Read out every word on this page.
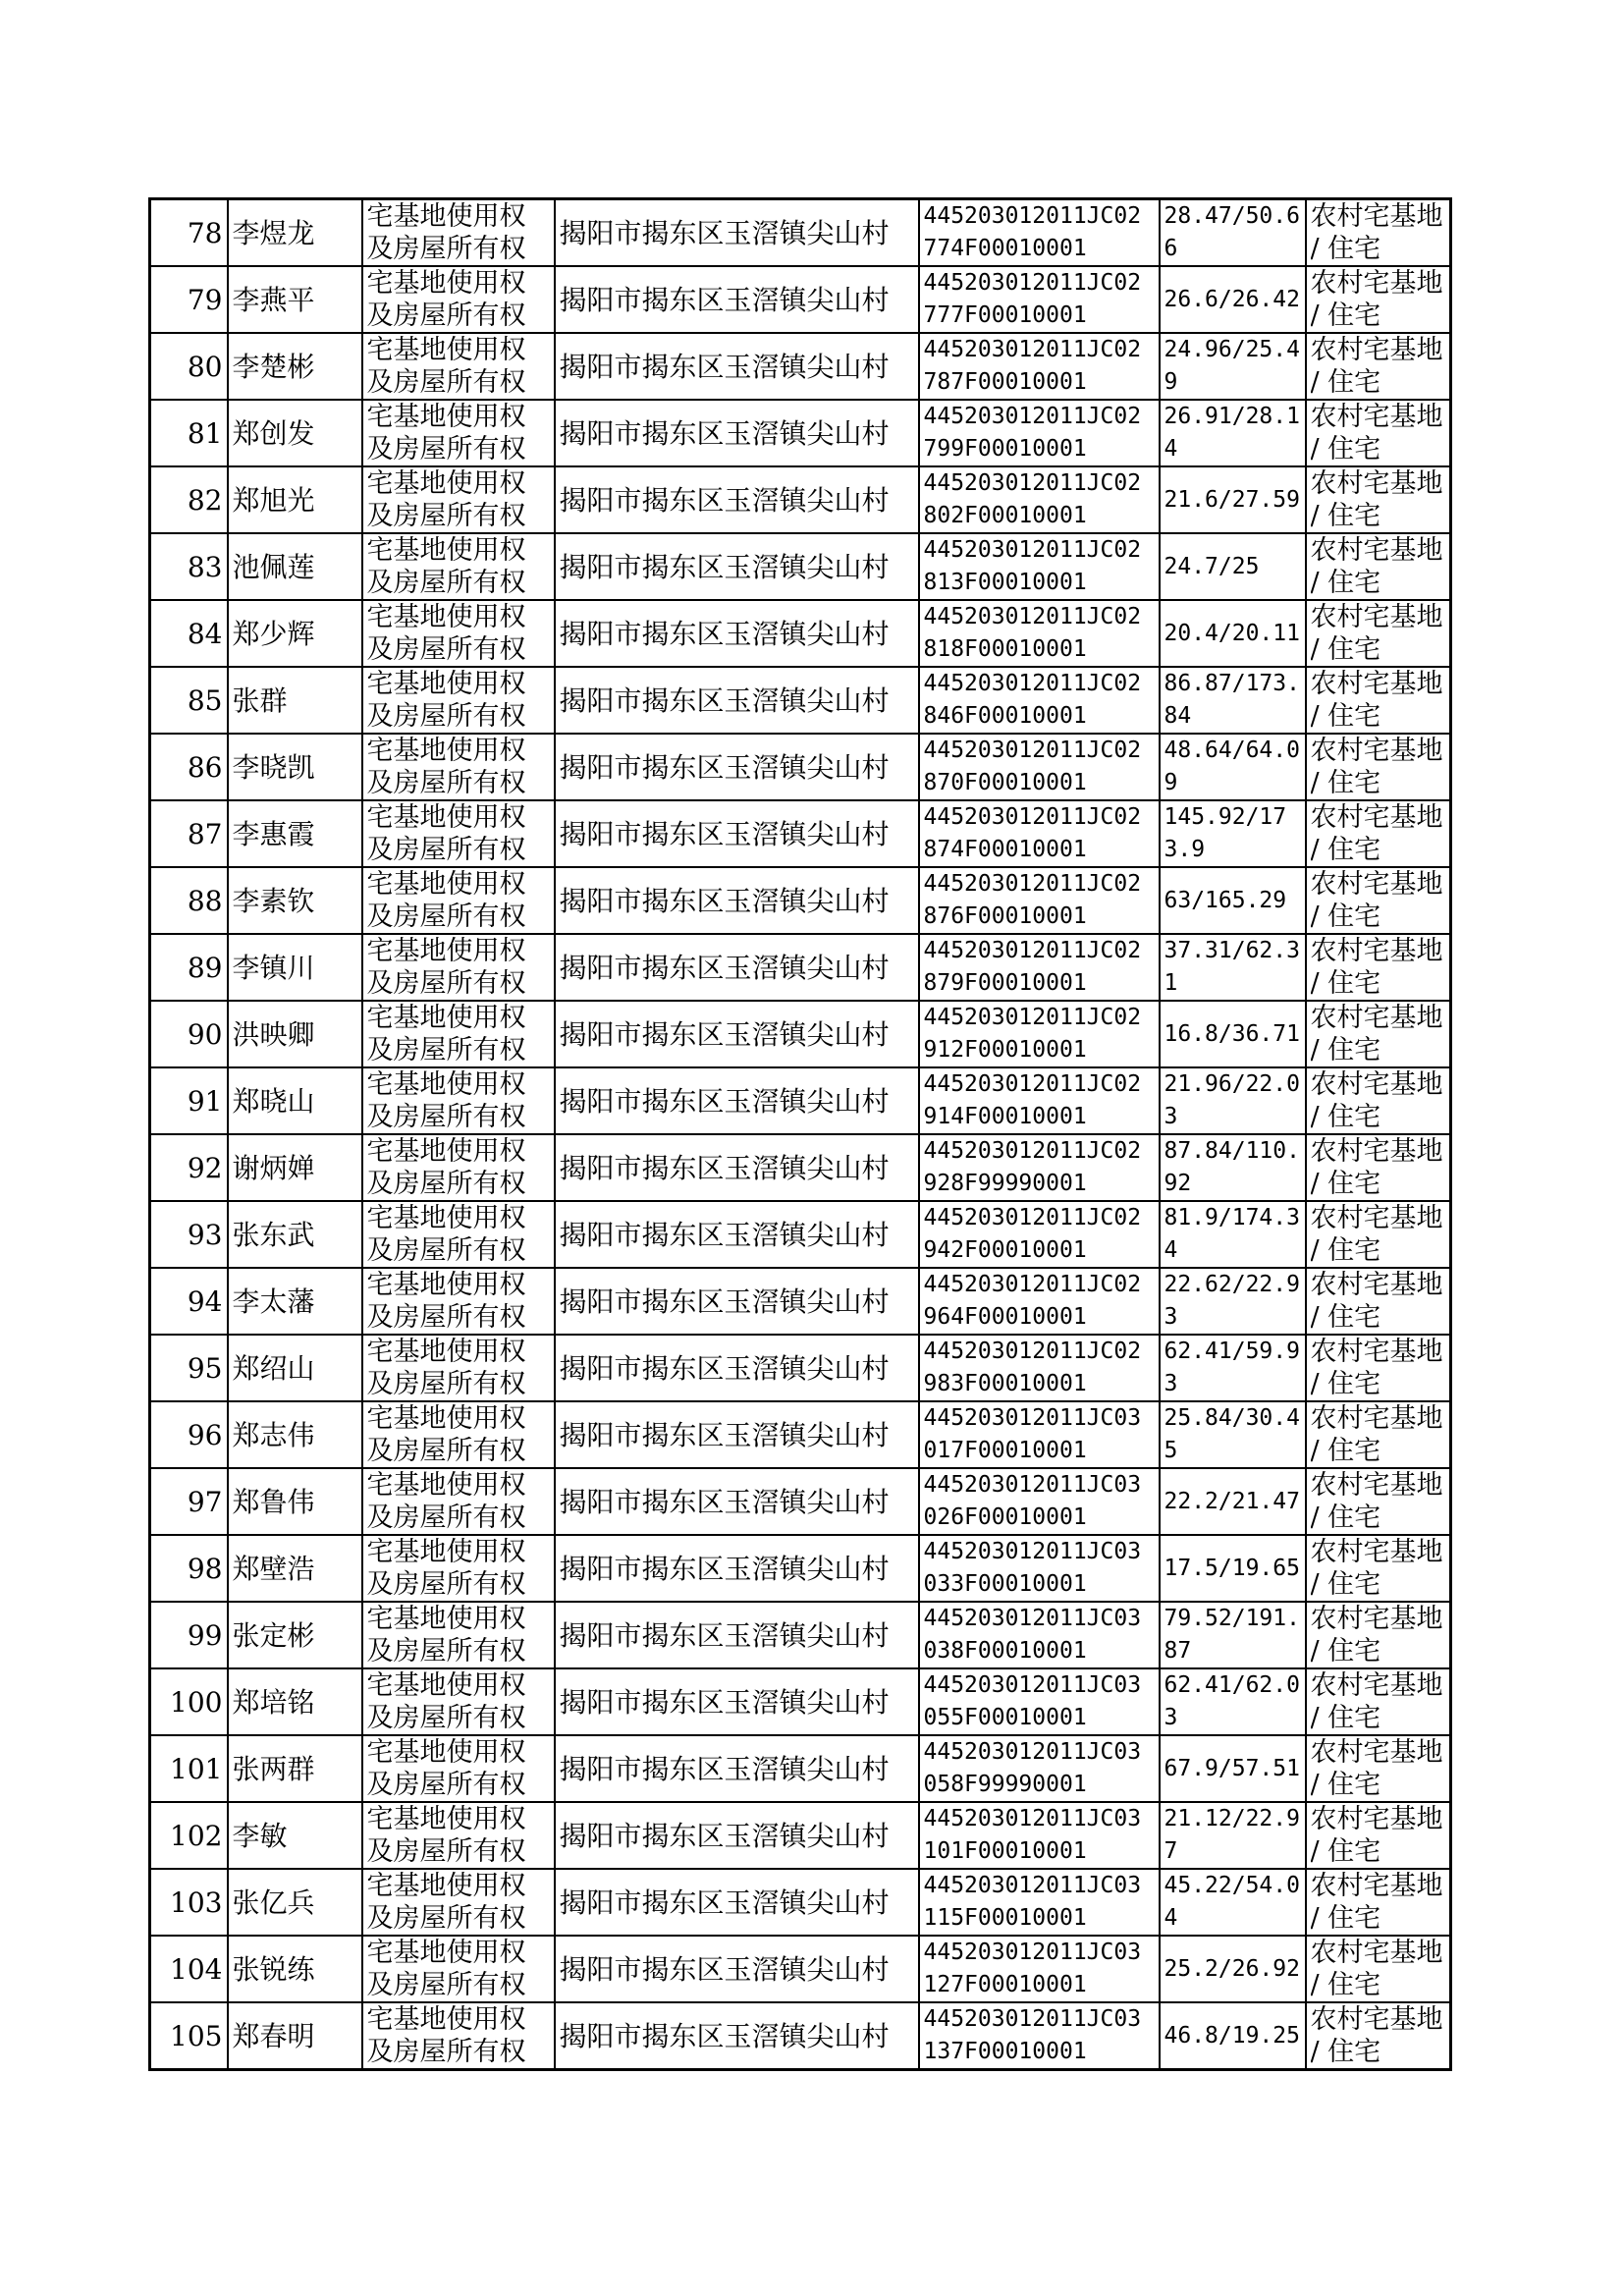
78	李煜龙	宅基地使用权及房屋所有权	揭阳市揭东区玉滘镇尖山村	445203012011JC02774F00010001	28.47/50.66	农村宅基地 / 住宅

79	李燕平	宅基地使用权及房屋所有权	揭阳市揭东区玉滘镇尖山村	445203012011JC02777F00010001	26.6/26.42	农村宅基地 / 住宅

80	李楚彬	宅基地使用权及房屋所有权	揭阳市揭东区玉滘镇尖山村	445203012011JC02787F00010001	24.96/25.49	农村宅基地 / 住宅

81	郑创发	宅基地使用权及房屋所有权	揭阳市揭东区玉滘镇尖山村	445203012011JC02799F00010001	26.91/28.14	农村宅基地 / 住宅

82	郑旭光	宅基地使用权及房屋所有权	揭阳市揭东区玉滘镇尖山村	445203012011JC02802F00010001	21.6/27.59	农村宅基地 / 住宅

83	池佩莲	宅基地使用权及房屋所有权	揭阳市揭东区玉滘镇尖山村	445203012011JC02813F00010001	24.7/25	农村宅基地 / 住宅

84	郑少辉	宅基地使用权及房屋所有权	揭阳市揭东区玉滘镇尖山村	445203012011JC02818F00010001	20.4/20.11	农村宅基地 / 住宅

85	张群	宅基地使用权及房屋所有权	揭阳市揭东区玉滘镇尖山村	445203012011JC02846F00010001	86.87/173.84	农村宅基地 / 住宅

86	李晓凯	宅基地使用权及房屋所有权	揭阳市揭东区玉滘镇尖山村	445203012011JC02870F00010001	48.64/64.09	农村宅基地 / 住宅

87	李惠霞	宅基地使用权及房屋所有权	揭阳市揭东区玉滘镇尖山村	445203012011JC02874F00010001	145.92/173.9	农村宅基地 / 住宅

88	李素钦	宅基地使用权及房屋所有权	揭阳市揭东区玉滘镇尖山村	445203012011JC02876F00010001	63/165.29	农村宅基地 / 住宅

89	李镇川	宅基地使用权及房屋所有权	揭阳市揭东区玉滘镇尖山村	445203012011JC02879F00010001	37.31/62.31	农村宅基地 / 住宅

90	洪映卿	宅基地使用权及房屋所有权	揭阳市揭东区玉滘镇尖山村	445203012011JC02912F00010001	16.8/36.71	农村宅基地 / 住宅

91	郑晓山	宅基地使用权及房屋所有权	揭阳市揭东区玉滘镇尖山村	445203012011JC02914F00010001	21.96/22.03	农村宅基地 / 住宅

92	谢炳婵	宅基地使用权及房屋所有权	揭阳市揭东区玉滘镇尖山村	445203012011JC02928F99990001	87.84/110.92	农村宅基地 / 住宅

93	张东武	宅基地使用权及房屋所有权	揭阳市揭东区玉滘镇尖山村	445203012011JC02942F00010001	81.9/174.34	农村宅基地 / 住宅

94	李太藩	宅基地使用权及房屋所有权	揭阳市揭东区玉滘镇尖山村	445203012011JC02964F00010001	22.62/22.93	农村宅基地 / 住宅

95	郑绍山	宅基地使用权及房屋所有权	揭阳市揭东区玉滘镇尖山村	445203012011JC02983F00010001	62.41/59.93	农村宅基地 / 住宅

96	郑志伟	宅基地使用权及房屋所有权	揭阳市揭东区玉滘镇尖山村	445203012011JC03017F00010001	25.84/30.45	农村宅基地 / 住宅

97	郑鲁伟	宅基地使用权及房屋所有权	揭阳市揭东区玉滘镇尖山村	445203012011JC03026F00010001	22.2/21.47	农村宅基地 / 住宅

98	郑壁浩	宅基地使用权及房屋所有权	揭阳市揭东区玉滘镇尖山村	445203012011JC03033F00010001	17.5/19.65	农村宅基地 / 住宅

99	张定彬	宅基地使用权及房屋所有权	揭阳市揭东区玉滘镇尖山村	445203012011JC03038F00010001	79.52/191.87	农村宅基地 / 住宅

100	郑培铭	宅基地使用权及房屋所有权	揭阳市揭东区玉滘镇尖山村	445203012011JC03055F00010001	62.41/62.03	农村宅基地 / 住宅

101	张两群	宅基地使用权及房屋所有权	揭阳市揭东区玉滘镇尖山村	445203012011JC03058F99990001	67.9/57.51	农村宅基地 / 住宅

102	李敏	宅基地使用权及房屋所有权	揭阳市揭东区玉滘镇尖山村	445203012011JC03101F00010001	21.12/22.97	农村宅基地 / 住宅

103	张亿兵	宅基地使用权及房屋所有权	揭阳市揭东区玉滘镇尖山村	445203012011JC03115F00010001	45.22/54.04	农村宅基地 / 住宅

104	张锐练	宅基地使用权及房屋所有权	揭阳市揭东区玉滘镇尖山村	445203012011JC03127F00010001	25.2/26.92	农村宅基地 / 住宅

105	郑春明	宅基地使用权及房屋所有权	揭阳市揭东区玉滘镇尖山村	445203012011JC03137F00010001	46.8/19.25	农村宅基地 / 住宅
